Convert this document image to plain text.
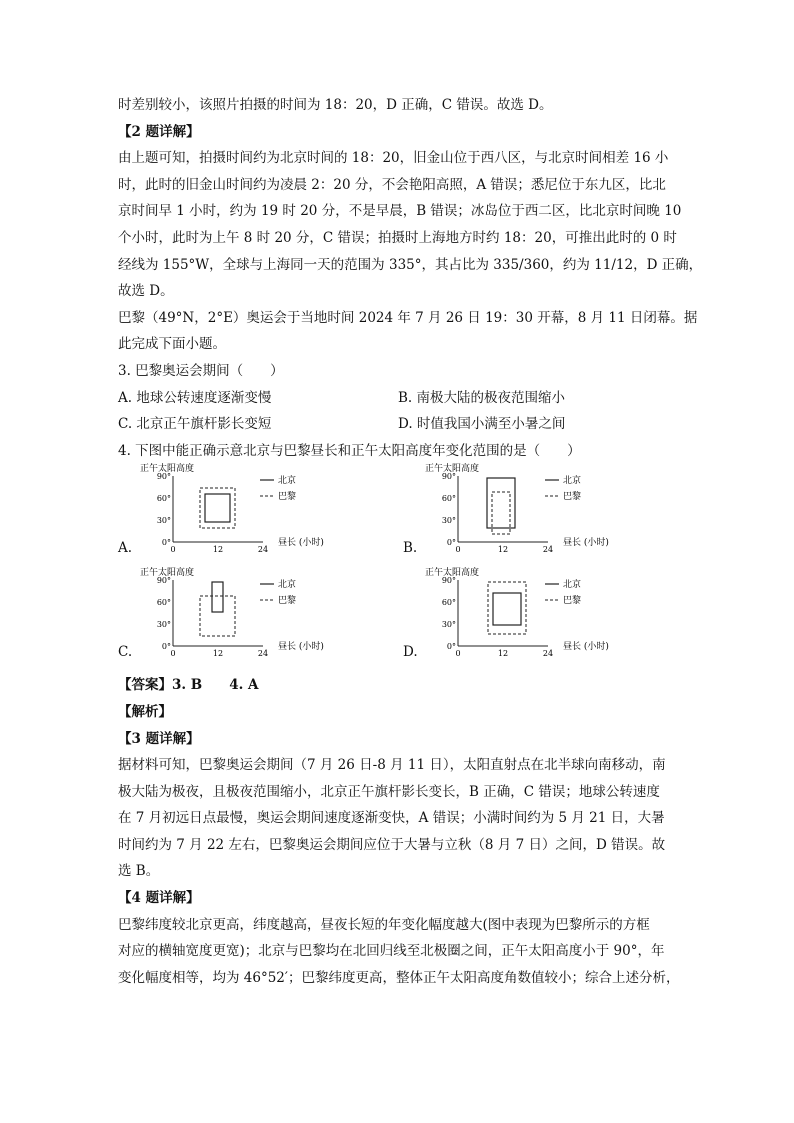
时差别较小，该照片拍摄的时间为 18：20，D 正确，C 错误。故选 D。
【2 题详解】
由上题可知，拍摄时间约为北京时间的 18：20，旧金山位于西八区，与北京时间相差 16 小
时，此时的旧金山时间约为凌晨 2：20 分，不会艳阳高照，A 错误；悉尼位于东九区，比北
京时间早 1 小时，约为 19 时 20 分，不是早晨，B 错误；冰岛位于西二区，比北京时间晚 10
个小时，此时为上午 8 时 20 分，C 错误；拍摄时上海地方时约 18：20，可推出此时的 0 时
经线为 155°W，全球与上海同一天的范围为 335°，其占比为 335/360，约为 11/12，D 正确，
故选 D。
巴黎（49°N，2°E）奥运会于当地时间 2024 年 7 月 26 日 19：30 开幕，8 月 11 日闭幕。据
此完成下面小题。
3. 巴黎奥运会期间（　　）
A. 地球公转速度逐渐变慢	B. 南极大陆的极夜范围缩小
C. 北京正午旗杆影长变短	D. 时值我国小满至小暑之间
4. 下图中能正确示意北京与巴黎昼长和正午太阳高度年变化范围的是（　　）
A.
正午太阳高度
90°
60°
30°
0°
0	12	24
昼长 (小时)
北京
巴黎
B.
正午太阳高度
90°
60°
30°
0°
0	12	24
昼长 (小时)
北京
巴黎
C.
正午太阳高度
90°
60°
30°
0°
0	12	24
昼长 (小时)
北京
巴黎
D.
正午太阳高度
90°
60°
30°
0°
0	12	24
昼长 (小时)
北京
巴黎
【答案】3. B　　4. A
【解析】
【3 题详解】
据材料可知，巴黎奥运会期间（7 月 26 日-8 月 11 日），太阳直射点在北半球向南移动，南
极大陆为极夜，且极夜范围缩小，北京正午旗杆影长变长，B 正确，C 错误；地球公转速度
在 7 月初远日点最慢，奥运会期间速度逐渐变快，A 错误；小满时间约为 5 月 21 日，大暑
时间约为 7 月 22 左右，巴黎奥运会期间应位于大暑与立秋（8 月 7 日）之间，D 错误。故
选 B。
【4 题详解】
巴黎纬度较北京更高，纬度越高，昼夜长短的年变化幅度越大(图中表现为巴黎所示的方框
对应的横轴宽度更宽)；北京与巴黎均在北回归线至北极圈之间，正午太阳高度小于 90°，年
变化幅度相等，均为 46°52′；巴黎纬度更高，整体正午太阳高度角数值较小；综合上述分析，
